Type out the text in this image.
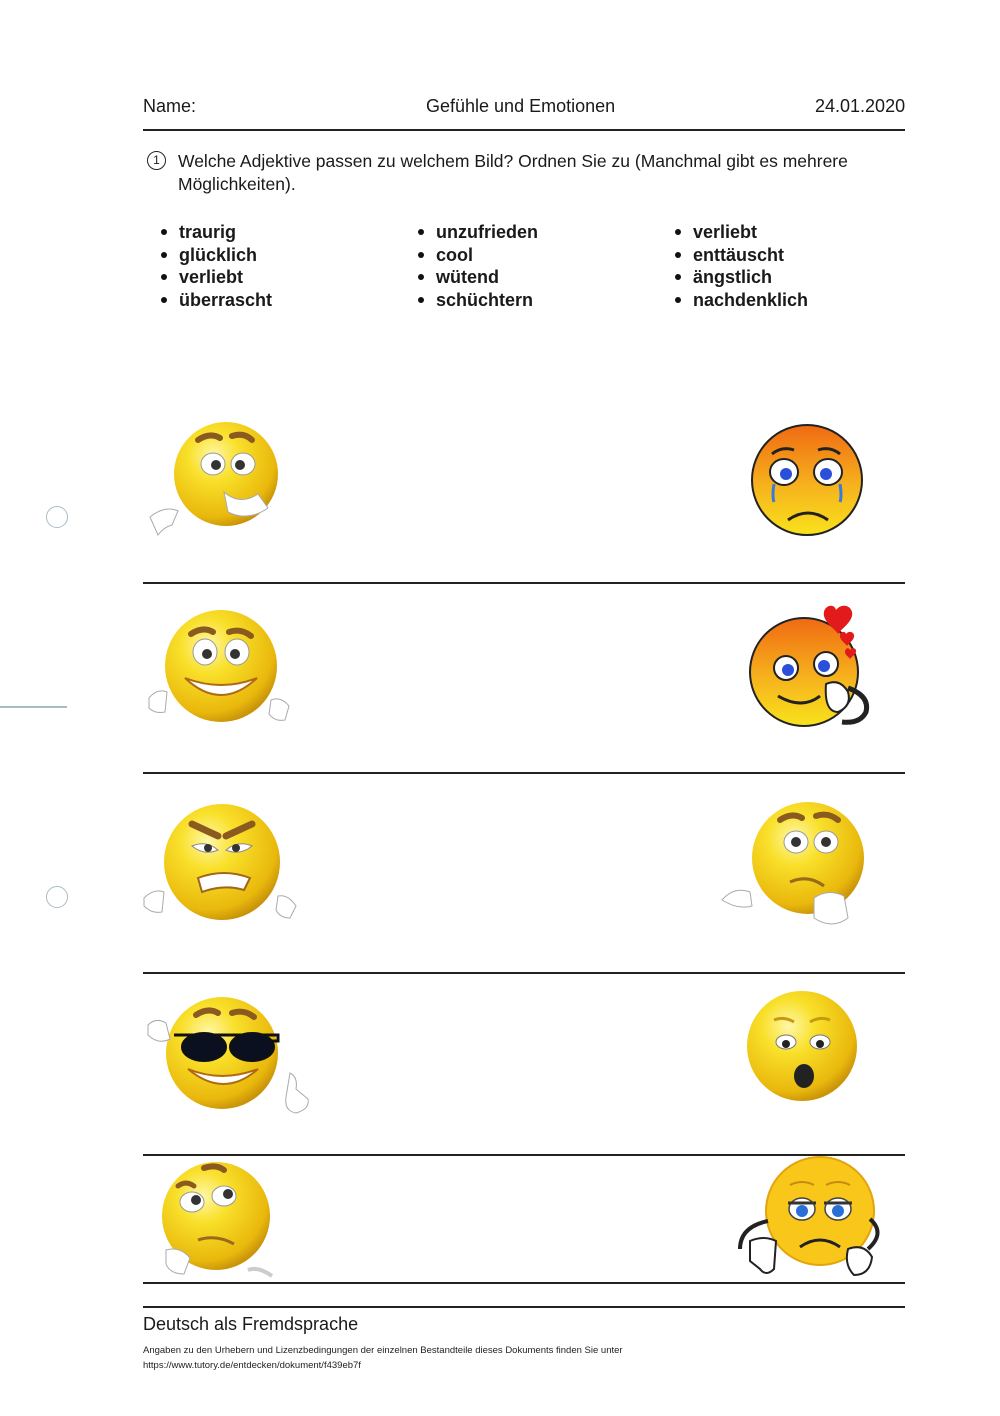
Name:	Gefühle und Emotionen	24.01.2020
1	Welche Adjektive passen zu welchem Bild? Ordnen Sie zu (Manchmal gibt es mehrere Möglichkeiten).
traurig
glücklich
verliebt
überrascht
unzufrieden
cool
wütend
schüchtern
verliebt
enttäuscht
ängstlich
nachdenklich
Deutsch als Fremdsprache
Angaben zu den Urhebern und Lizenzbedingungen der einzelnen Bestandteile dieses Dokuments finden Sie unter
https://www.tutory.de/entdecken/dokument/f439eb7f
